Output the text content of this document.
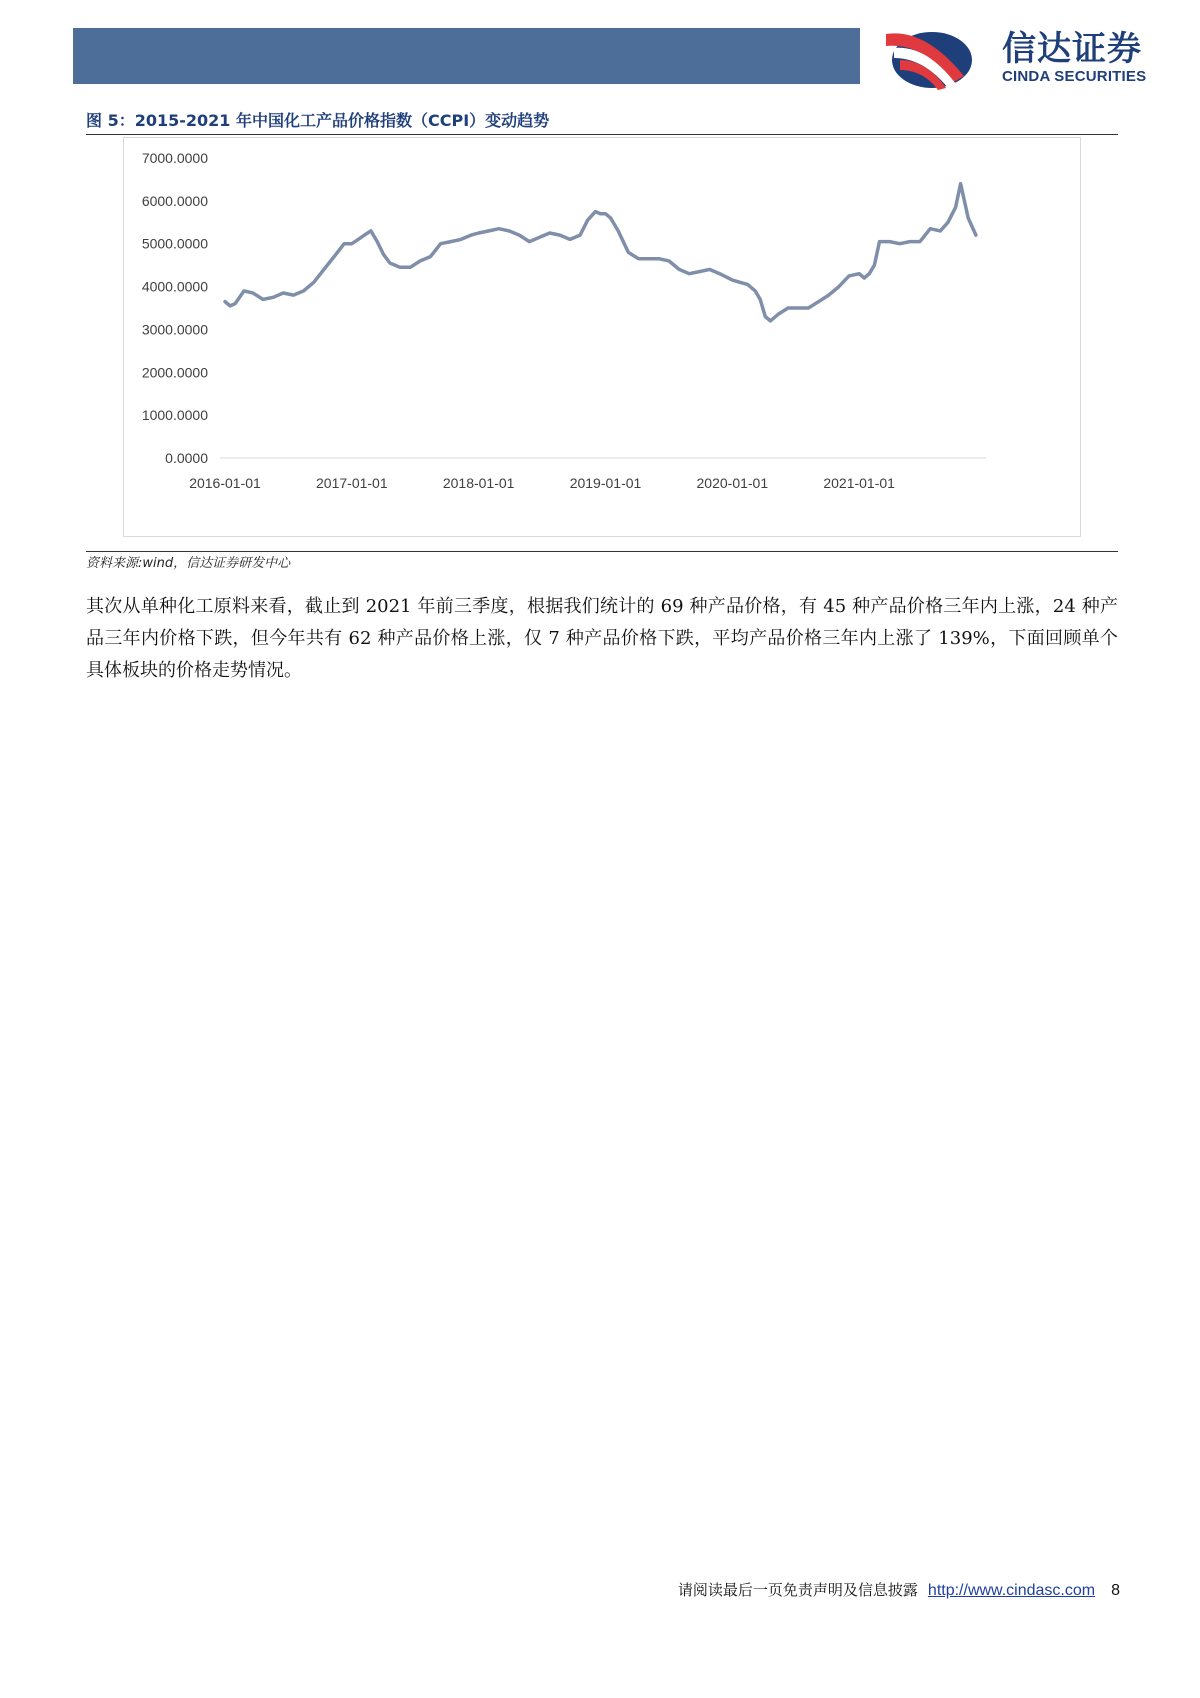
信达证券
CINDA SECURITIES
图 5：2015-2021 年中国化工产品价格指数（CCPI）变动趋势
7000.0000
6000.0000
5000.0000
4000.0000
3000.0000
2000.0000
1000.0000
0.0000
2016-01-01	2017-01-01	2018-01-01	2019-01-01	2020-01-01	2021-01-01
资料来源:wind，信达证券研发中心

其次从单种化工原料来看，截止到 2021 年前三季度，根据我们统计的 69 种产品价格，有 45 种产品价格三年内上涨，24 种产品三年内价格下跌，但今年共有 62 种产品价格上涨，仅 7 种产品价格下跌，平均产品价格三年内上涨了 139%，下面回顾单个具体板块的价格走势情况。

请阅读最后一页免责声明及信息披露 http://www.cindasc.com 8
